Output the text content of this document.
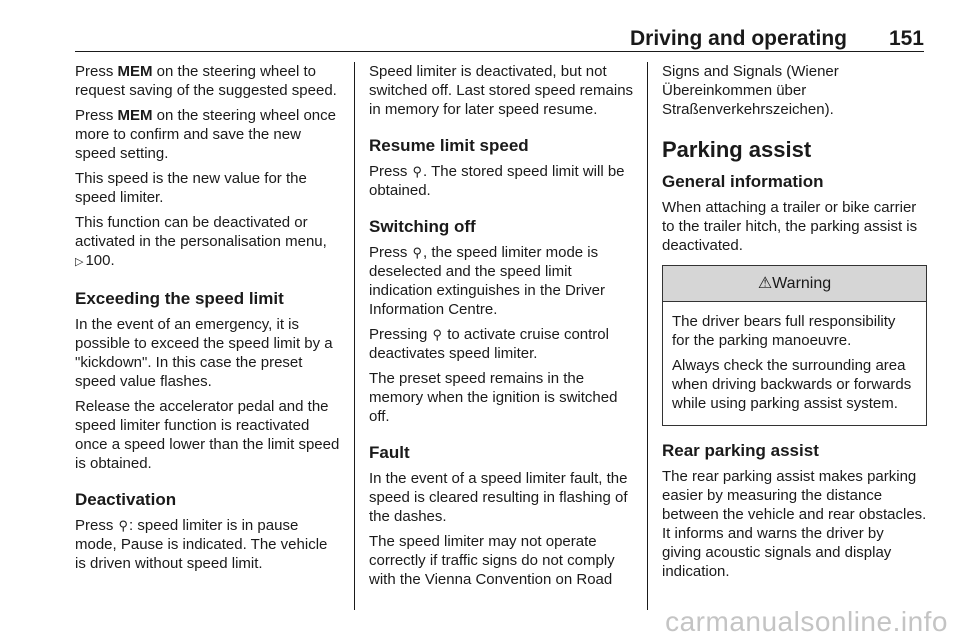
Driving and operating 151

Press MEM on the steering wheel to request saving of the suggested speed.

Press MEM on the steering wheel once more to confirm and save the new speed setting.

This speed is the new value for the speed limiter.

This function can be deactivated or activated in the personalisation menu, ▷ 100.

Exceeding the speed limit

In the event of an emergency, it is possible to exceed the speed limit by a "kickdown". In this case the preset speed value flashes.

Release the accelerator pedal and the speed limiter function is reactivated once a speed lower than the limit speed is obtained.

Deactivation

Press ⚲: speed limiter is in pause mode, Pause is indicated. The vehicle is driven without speed limit.

Speed limiter is deactivated, but not switched off. Last stored speed remains in memory for later speed resume.

Resume limit speed

Press ⚲. The stored speed limit will be obtained.

Switching off

Press ⚲, the speed limiter mode is deselected and the speed limit indication extinguishes in the Driver Information Centre.

Pressing ⚲ to activate cruise control deactivates speed limiter.

The preset speed remains in the memory when the ignition is switched off.

Fault

In the event of a speed limiter fault, the speed is cleared resulting in flashing of the dashes.

The speed limiter may not operate correctly if traffic signs do not comply with the Vienna Convention on Road

Signs and Signals (Wiener Übereinkommen über Straßenverkehrszeichen).

Parking assist
General information

When attaching a trailer or bike carrier to the trailer hitch, the parking assist is deactivated.

⚠Warning

The driver bears full responsibility for the parking manoeuvre.

Always check the surrounding area when driving backwards or forwards while using parking assist system.

Rear parking assist

The rear parking assist makes parking easier by measuring the distance between the vehicle and rear obstacles. It informs and warns the driver by giving acoustic signals and display indication.

carmanualsonline.info
